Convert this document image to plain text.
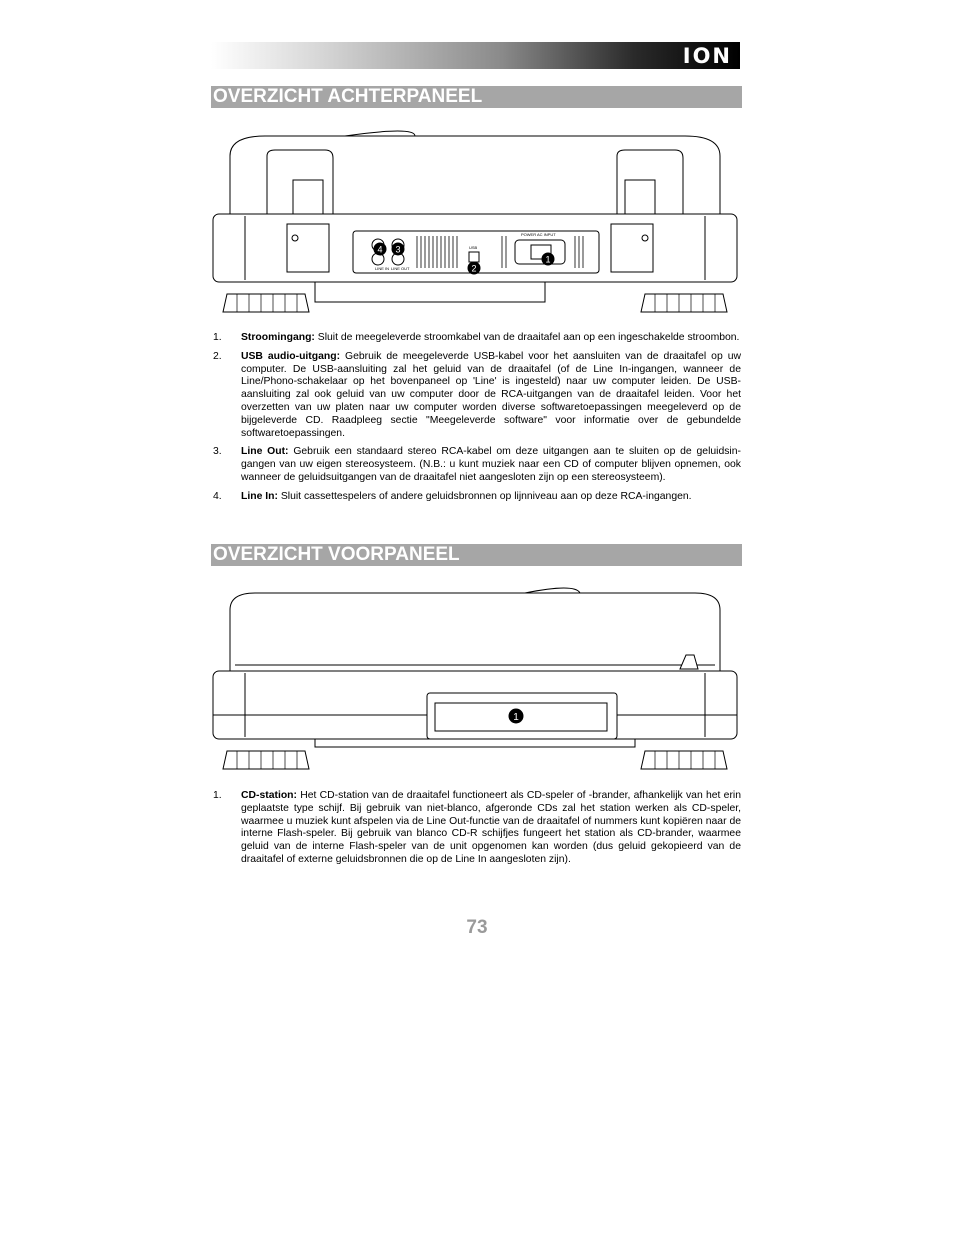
ION
OVERZICHT ACHTERPANEEL
LINE IN LINE OUT
USB
POWER AC INPUT
1
2
3
4
1. Stroomingang: Sluit de meegeleverde stroomkabel van de draaitafel aan op een ingeschakelde stroombon.
2. USB audio-uitgang: Gebruik de meegeleverde USB-kabel voor het aansluiten van de draaitafel op uw computer. De USB-aansluiting zal het geluid van de draaitafel (of de Line In-ingangen, wanneer de Line/Phono-schakelaar op het bovenpaneel op 'Line' is ingesteld) naar uw computer leiden. De USB-aansluiting zal ook geluid van uw computer door de RCA-uitgangen van de draaitafel leiden. Voor het overzetten van uw platen naar uw computer worden diverse softwaretoepassingen meegeleverd op de bijgeleverde CD. Raadpleeg sectie "Meegeleverde software" voor informatie over de gebundelde softwaretoepassingen.
3. Line Out: Gebruik een standaard stereo RCA-kabel om deze uitgangen aan te sluiten op de geluidsin-gangen van uw eigen stereosysteem. (N.B.: u kunt muziek naar een CD of computer blijven opnemen, ook wanneer de geluidsuitgangen van de draaitafel niet aangesloten zijn op een stereosysteem).
4. Line In: Sluit cassettespelers of andere geluidsbronnen op lijnniveau aan op deze RCA-ingangen.
OVERZICHT VOORPANEEL
1
1. CD-station: Het CD-station van de draaitafel functioneert als CD-speler of -brander, afhankelijk van het erin geplaatste type schijf. Bij gebruik van niet-blanco, afgeronde CDs zal het station werken als CD-speler, waarmee u muziek kunt afspelen via de Line Out-functie van de draaitafel of nummers kunt kopiëren naar de interne Flash-speler. Bij gebruik van blanco CD-R schijfjes fungeert het station als CD-brander, waarmee geluid van de interne Flash-speler van de unit opgenomen kan worden (dus geluid gekopieerd van de draaitafel of externe geluidsbronnen die op de Line In aangesloten zijn).
73
